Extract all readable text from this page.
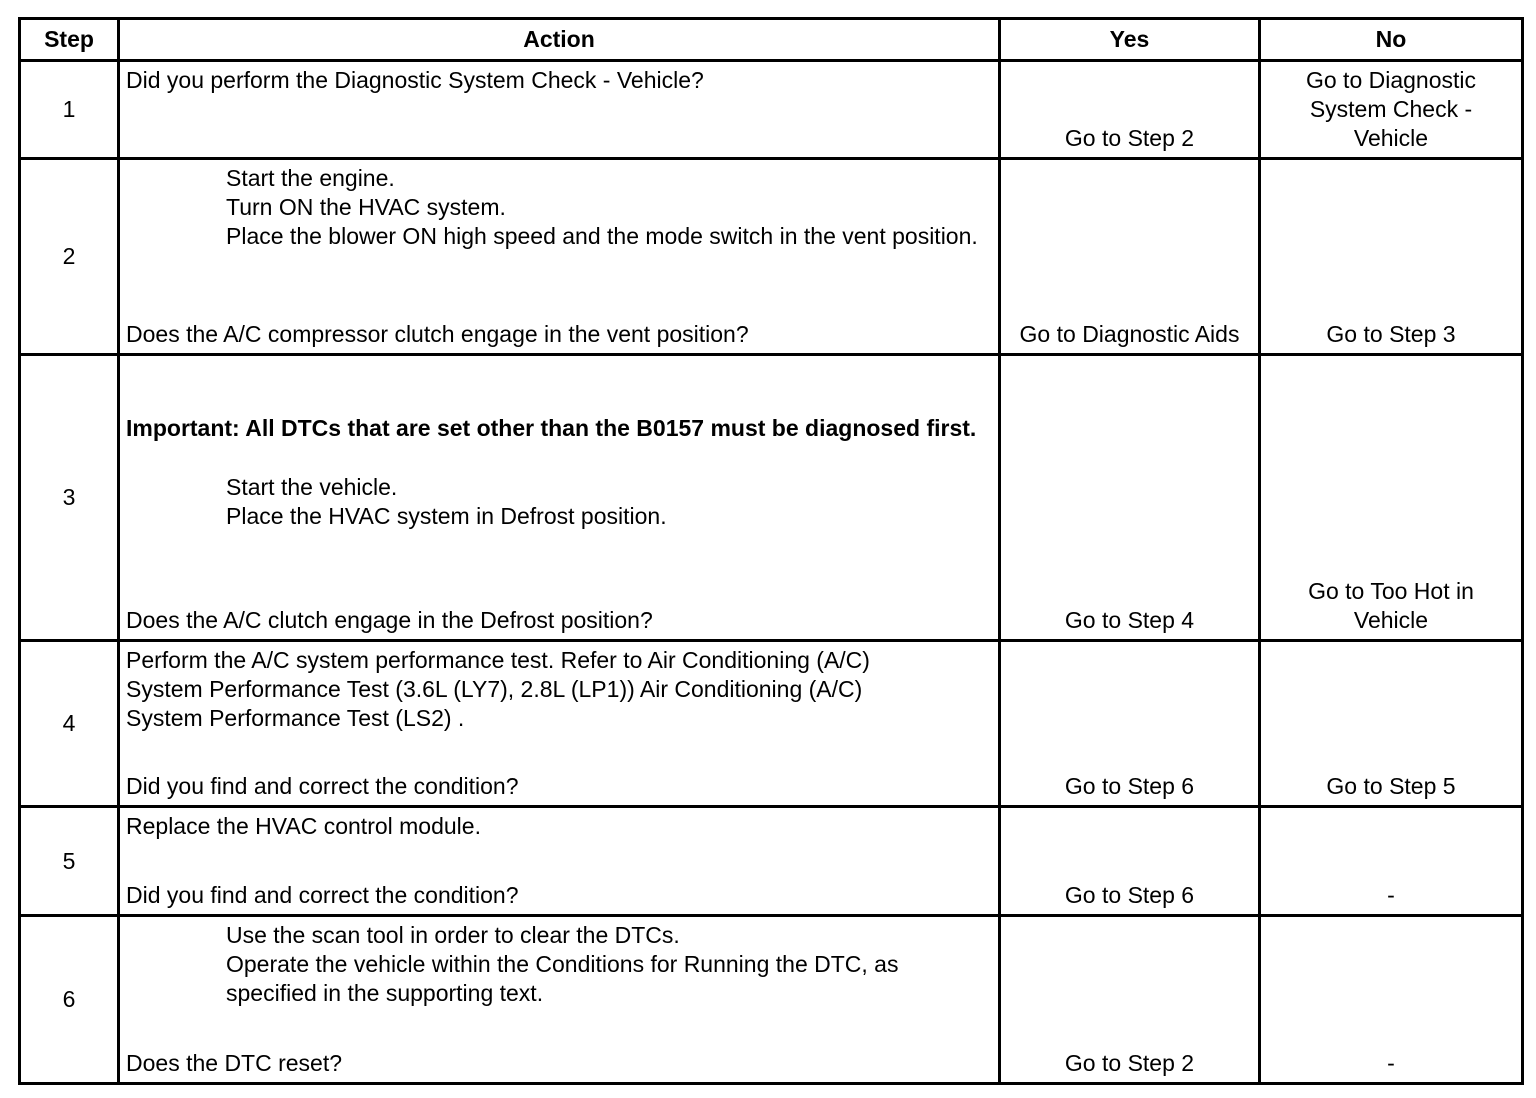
Step	Action	Yes	No
1	Did you perform the Diagnostic System Check - Vehicle?	Go to Step 2	Go to Diagnostic System Check - Vehicle

2	Start the engine.
Turn ON the HVAC system.
Place the blower ON high speed and the mode switch in the vent position.
Does the A/C compressor clutch engage in the vent position?	Go to Diagnostic Aids	Go to Step 3

3	Important: All DTCs that are set other than the B0157 must be diagnosed first.
Start the vehicle.
Place the HVAC system in Defrost position.
Does the A/C clutch engage in the Defrost position?	Go to Step 4	Go to Too Hot in Vehicle

4	Perform the A/C system performance test. Refer to Air Conditioning (A/C) System Performance Test (3.6L (LY7), 2.8L (LP1)) Air Conditioning (A/C) System Performance Test (LS2) .
Did you find and correct the condition?	Go to Step 6	Go to Step 5

5	Replace the HVAC control module.
Did you find and correct the condition?	Go to Step 6	-

6	Use the scan tool in order to clear the DTCs.
Operate the vehicle within the Conditions for Running the DTC, as specified in the supporting text.
Does the DTC reset?	Go to Step 2	-
